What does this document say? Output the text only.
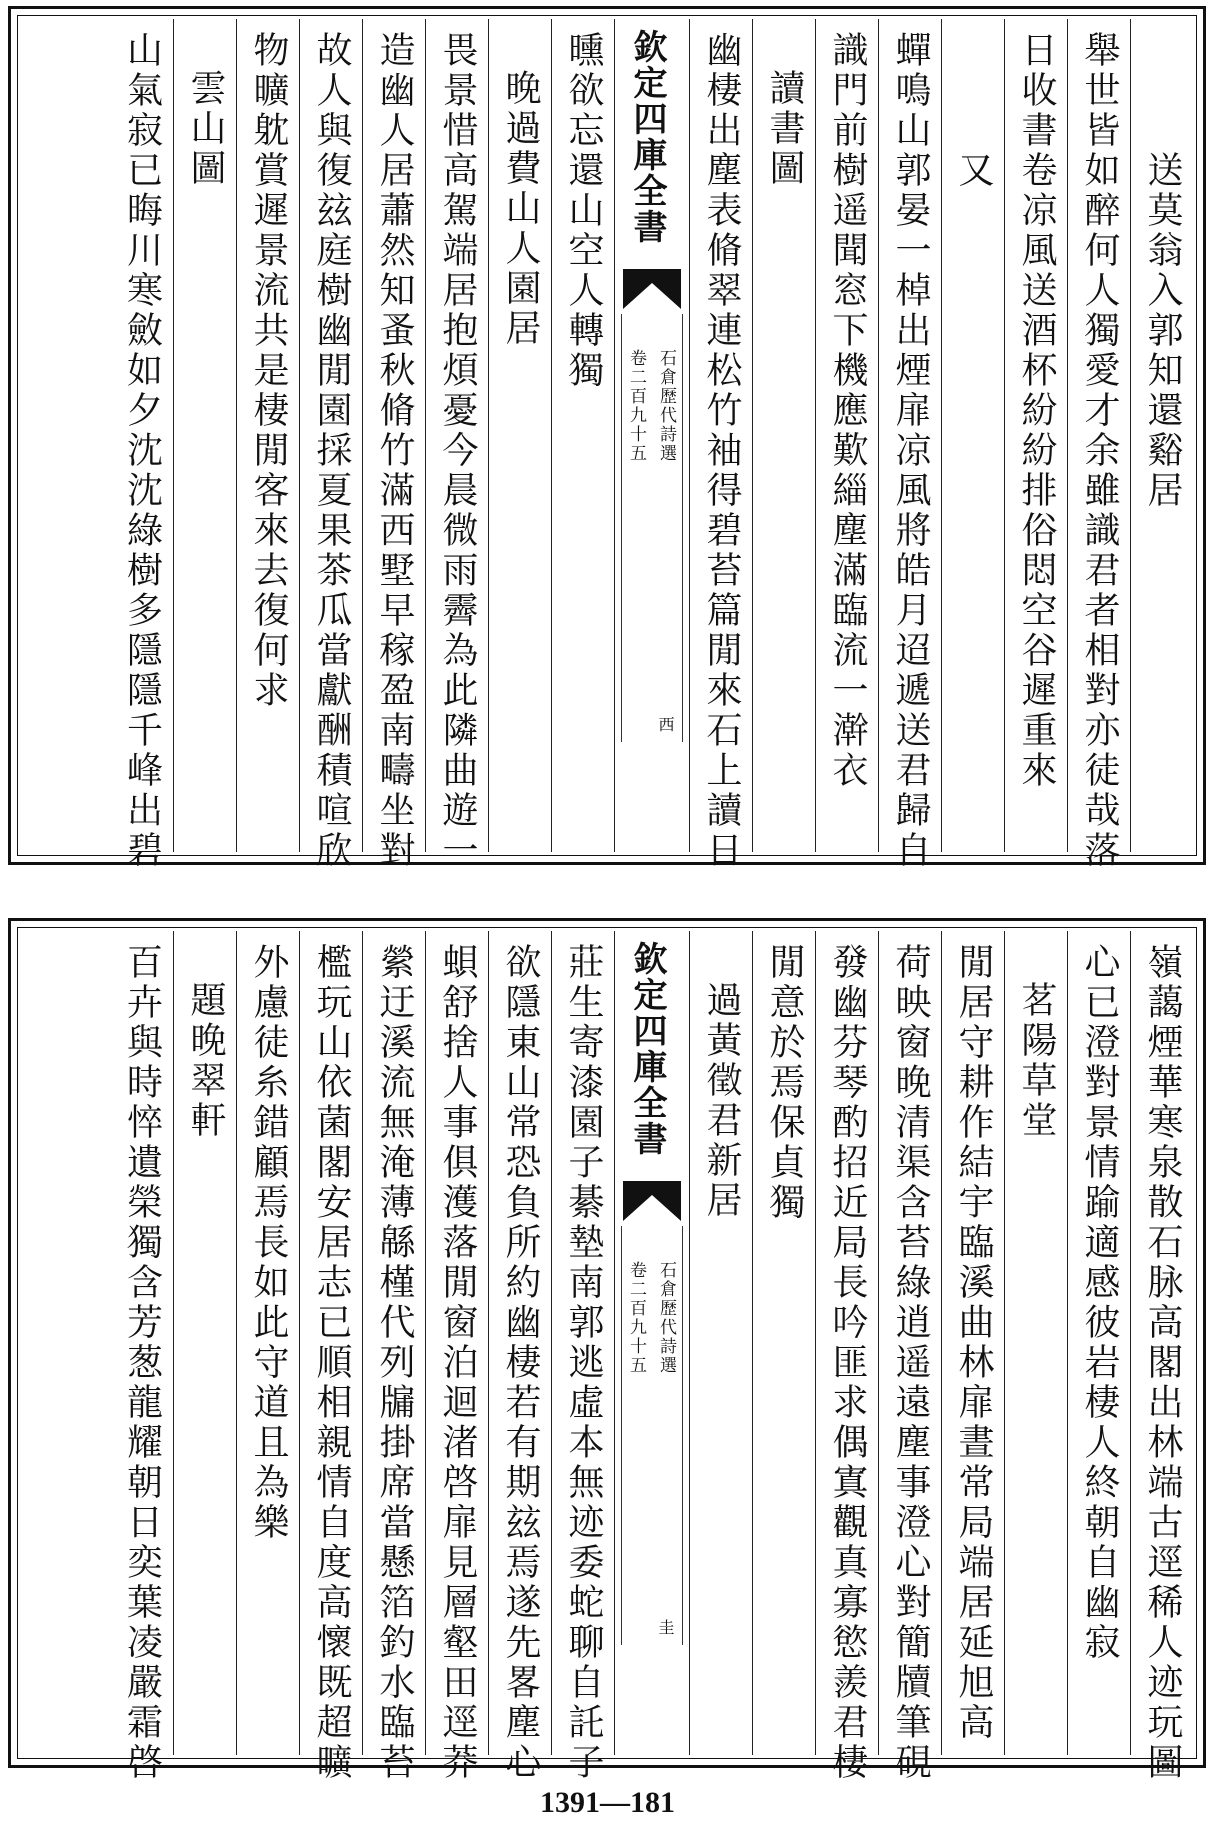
送莫翁入郭知還谿居
舉世皆如醉何人獨愛才余雖識君者相對亦徒哉落
日收書卷凉風送酒杯紛紛排俗悶空谷遲重來
又
蟬鳴山郭晏一棹出煙扉凉風將皓月迢遞送君歸自
識門前樹遥聞窓下機應歎緇塵滿臨流一澣衣
讀書圖
幽棲出塵表脩翠連松竹袖得碧苔篇閒來石上讀日
欽定四庫全書
石倉歷代詩選
卷二百九十五
西
曛欲忘還山空人轉獨
晚過費山人園居
畏景惜高駕端居抱煩憂今晨微雨霽為此隣曲遊一
造幽人居蕭然知蚤秋脩竹滿西墅早稼盈南疇坐對
故人與復玆庭樹幽閒園採夏果茶瓜當獻酬積喧欣
物曠躭賞遲景流共是棲閒客來去復何求
雲山圖
山氣寂已晦川寒斂如夕沈沈綠樹多隱隱千峰出碧
嶺藹煙華寒泉散石脉高閣出林端古逕稀人迹玩圖
心已澄對景情踰適感彼岩棲人終朝自幽寂
茗陽草堂
閒居守耕作結宇臨溪曲林扉晝常局端居延旭高
荷映窗晚清渠含苔綠逍遥遠塵事澄心對簡牘筆硯
發幽芬琴酌招近局長吟匪求偶寘觀真寡慾羨君棲
閒意於焉保貞獨
過黃徵君新居
欽定四庫全書
石倉歷代詩選
卷二百九十五
圭
莊生寄漆園子綦墊南郭逃虛本無迹委蛇聊自託子
欲隱東山常恐負所約幽棲若有期玆焉遂先畧塵心
蛽舒捨人事俱濩落閒窗泊迴渚啓扉見層壑田逕莽
縈迂溪流無淹薄緜槿代列牖掛席當懸箔釣水臨苔
檻玩山依菌閣安居志已順相親情自度高懷既超曠
外慮徒糸錯顧焉長如此守道且為樂
題晚翠軒
百卉與時悴遺榮獨含芳葱龍耀朝日奕葉凌嚴霜啓
1391—181
